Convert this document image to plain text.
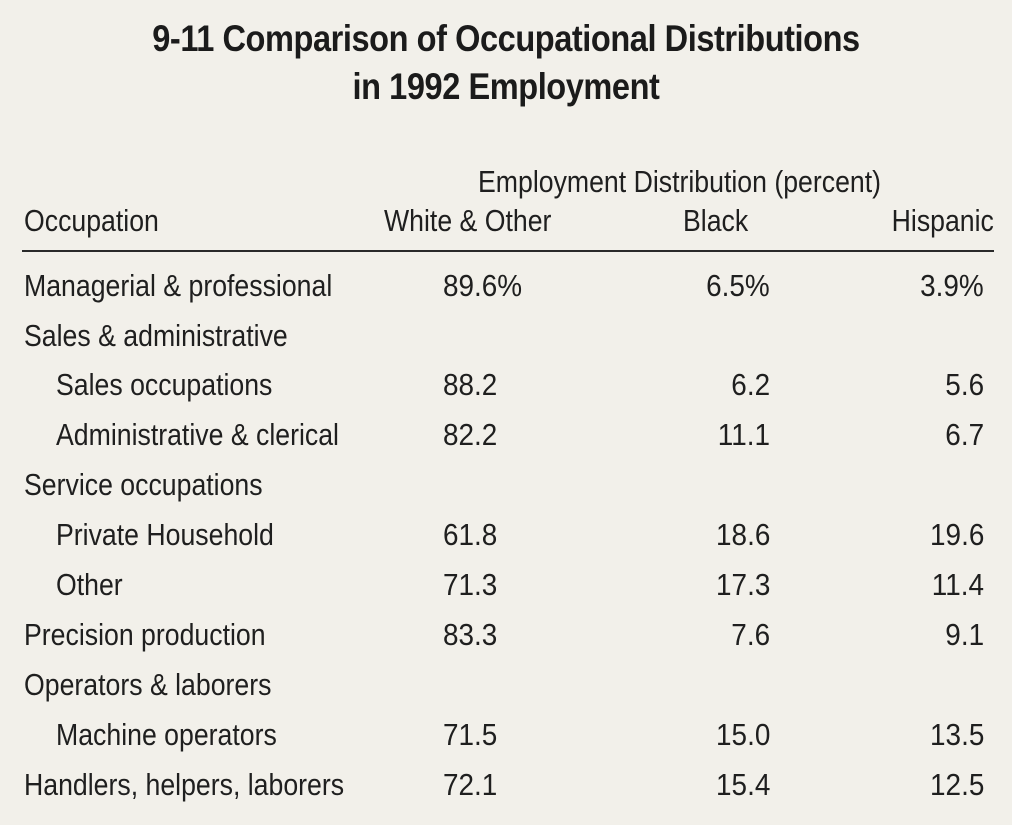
9-11 Comparison of Occupational Distributions
in 1992 Employment
Employment Distribution (percent)
Occupation	White & Other	Black	Hispanic
Managerial & professional	89.6%	6.5%	3.9%
Sales & administrative
Sales occupations	88.2	6.2	5.6
Administrative & clerical	82.2	11.1	6.7
Service occupations
Private Household	61.8	18.6	19.6
Other	71.3	17.3	11.4
Precision production	83.3	7.6	9.1
Operators & laborers
Machine operators	71.5	15.0	13.5
Handlers, helpers, laborers	72.1	15.4	12.5
